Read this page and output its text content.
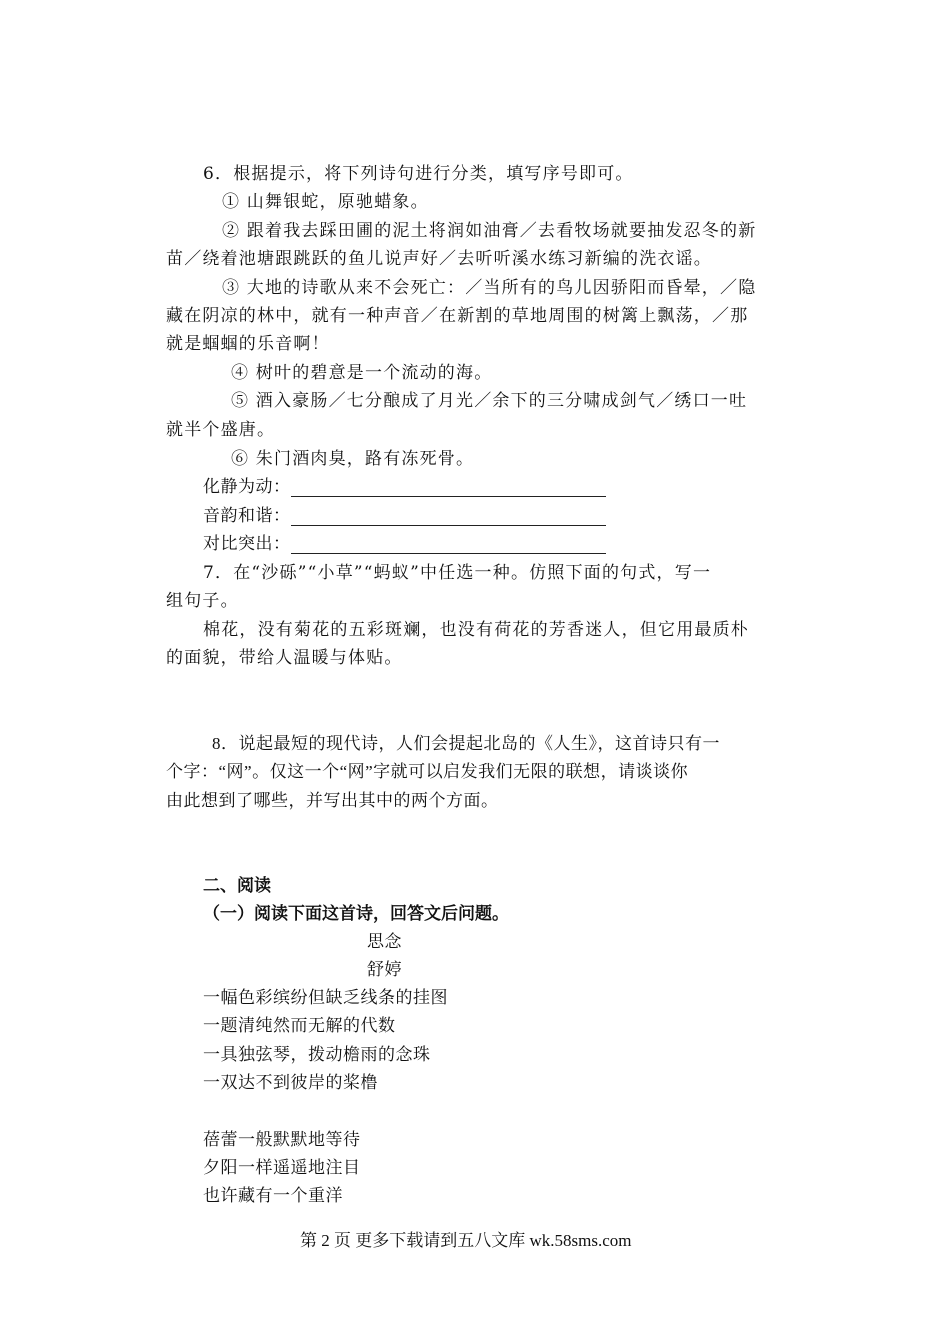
6．根据提示，将下列诗句进行分类，填写序号即可。
① 山舞银蛇，原驰蜡象。
② 跟着我去踩田圃的泥土将润如油膏／去看牧场就要抽发忍冬的新
苗／绕着池塘跟跳跃的鱼儿说声好／去听听溪水练习新编的洗衣谣。
③ 大地的诗歌从来不会死亡：／当所有的鸟儿因骄阳而昏晕，／隐
藏在阴凉的林中，就有一种声音／在新割的草地周围的树篱上飘荡，／那
就是蝈蝈的乐音啊！
④ 树叶的碧意是一个流动的海。
⑤ 酒入豪肠／七分酿成了月光／余下的三分啸成剑气／绣口一吐
就半个盛唐。
⑥ 朱门酒肉臭，路有冻死骨。
化静为动：
音韵和谐：
对比突出：
7．在“沙砾”“小草”“蚂蚁”中任选一种。仿照下面的句式，写一
组句子。
棉花，没有菊花的五彩斑斓，也没有荷花的芳香迷人，但它用最质朴
的面貌，带给人温暖与体贴。
8．说起最短的现代诗，人们会提起北岛的《人生》，这首诗只有一
个字：“网”。仅这一个“网”字就可以启发我们无限的联想，请谈谈你
由此想到了哪些，并写出其中的两个方面。
二、阅读
（一）阅读下面这首诗，回答文后问题。
思念
舒婷
一幅色彩缤纷但缺乏线条的挂图
一题清纯然而无解的代数
一具独弦琴，拨动檐雨的念珠
一双达不到彼岸的桨橹
蓓蕾一般默默地等待
夕阳一样遥遥地注目
也许藏有一个重洋
第 2 页 更多下载请到五八文库 wk.58sms.com
